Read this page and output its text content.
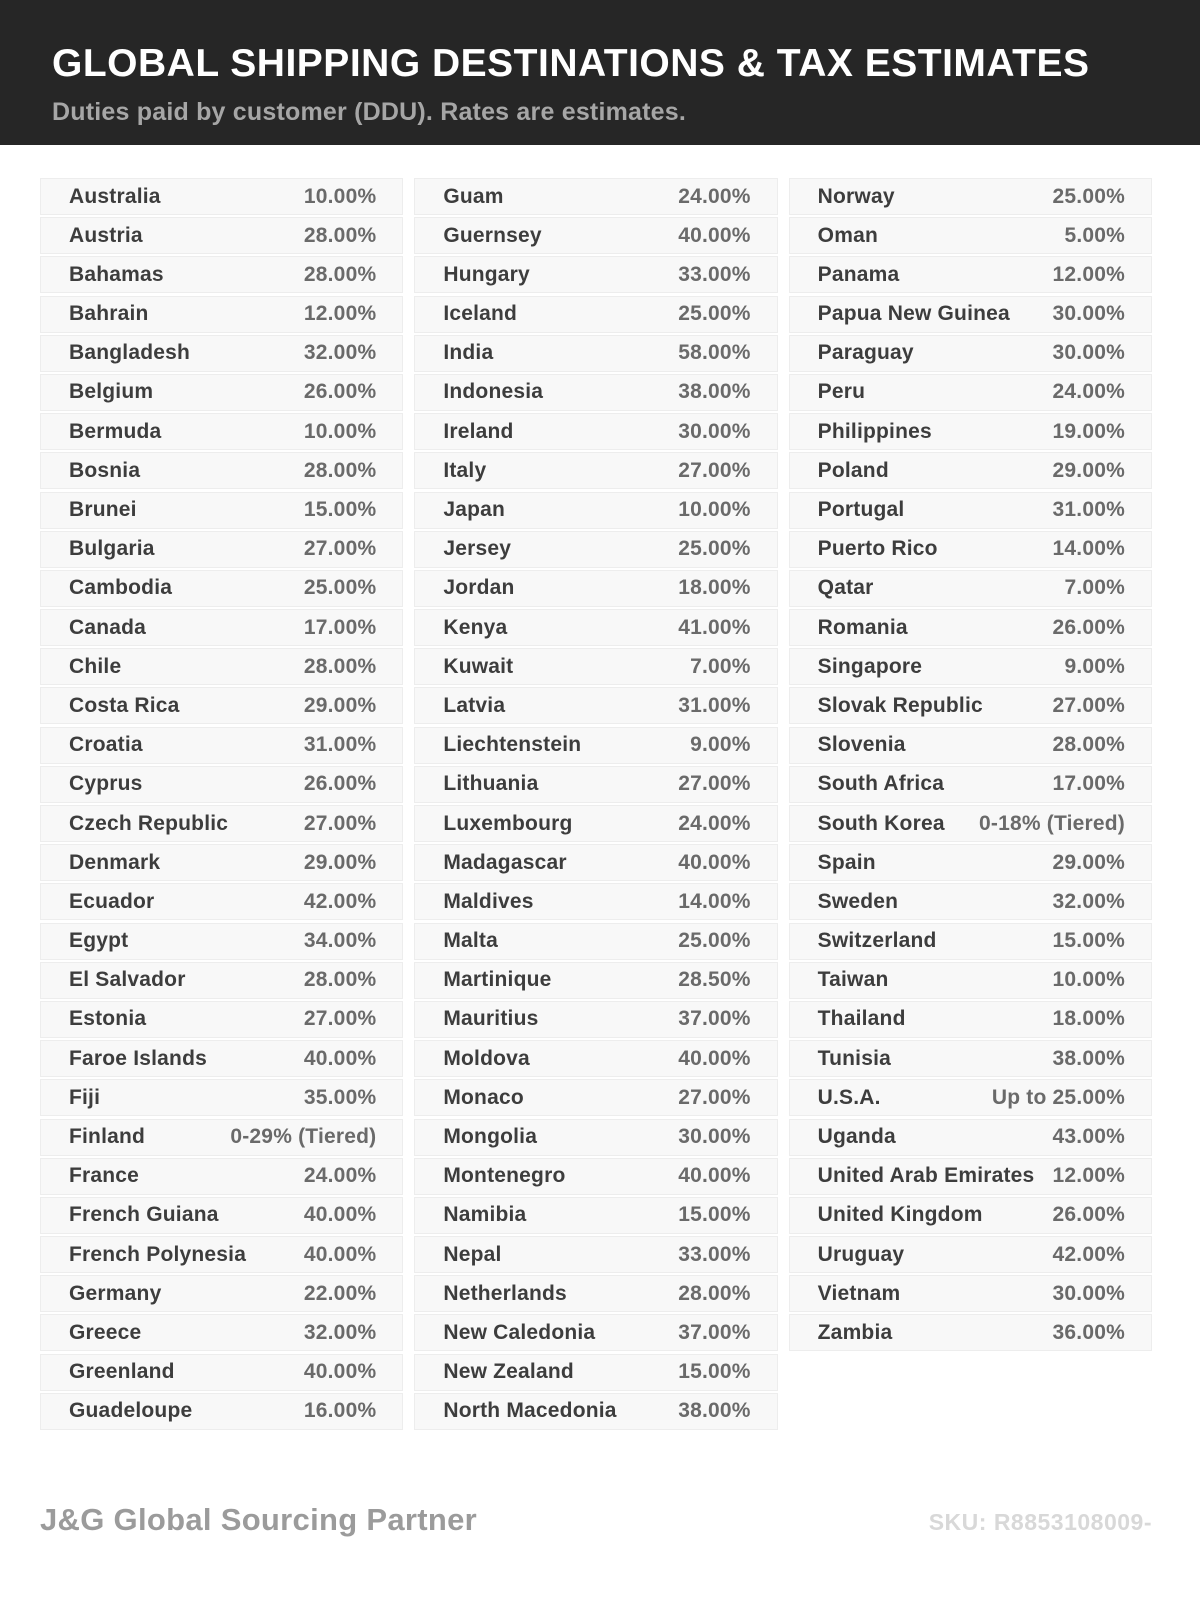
GLOBAL SHIPPING DESTINATIONS & TAX ESTIMATES
Duties paid by customer (DDU). Rates are estimates.
Australia	10.00%
Austria	28.00%
Bahamas	28.00%
Bahrain	12.00%
Bangladesh	32.00%
Belgium	26.00%
Bermuda	10.00%
Bosnia	28.00%
Brunei	15.00%
Bulgaria	27.00%
Cambodia	25.00%
Canada	17.00%
Chile	28.00%
Costa Rica	29.00%
Croatia	31.00%
Cyprus	26.00%
Czech Republic	27.00%
Denmark	29.00%
Ecuador	42.00%
Egypt	34.00%
El Salvador	28.00%
Estonia	27.00%
Faroe Islands	40.00%
Fiji	35.00%
Finland	0-29% (Tiered)
France	24.00%
French Guiana	40.00%
French Polynesia	40.00%
Germany	22.00%
Greece	32.00%
Greenland	40.00%
Guadeloupe	16.00%
Guam	24.00%
Guernsey	40.00%
Hungary	33.00%
Iceland	25.00%
India	58.00%
Indonesia	38.00%
Ireland	30.00%
Italy	27.00%
Japan	10.00%
Jersey	25.00%
Jordan	18.00%
Kenya	41.00%
Kuwait	7.00%
Latvia	31.00%
Liechtenstein	9.00%
Lithuania	27.00%
Luxembourg	24.00%
Madagascar	40.00%
Maldives	14.00%
Malta	25.00%
Martinique	28.50%
Mauritius	37.00%
Moldova	40.00%
Monaco	27.00%
Mongolia	30.00%
Montenegro	40.00%
Namibia	15.00%
Nepal	33.00%
Netherlands	28.00%
New Caledonia	37.00%
New Zealand	15.00%
North Macedonia	38.00%
Norway	25.00%
Oman	5.00%
Panama	12.00%
Papua New Guinea 30.00%
Paraguay	30.00%
Peru	24.00%
Philippines	19.00%
Poland	29.00%
Portugal	31.00%
Puerto Rico	14.00%
Qatar	7.00%
Romania	26.00%
Singapore	9.00%
Slovak Republic	27.00%
Slovenia	28.00%
South Africa	17.00%
South Korea 0-18% (Tiered)
Spain	29.00%
Sweden	32.00%
Switzerland	15.00%
Taiwan	10.00%
Thailand	18.00%
Tunisia	38.00%
U.S.A.	Up to 25.00%
Uganda	43.00%
United Arab Emirates 12.00%
United Kingdom	26.00%
Uruguay	42.00%
Vietnam	30.00%
Zambia	36.00%
J&G Global Sourcing Partner	SKU: R8853108009-
